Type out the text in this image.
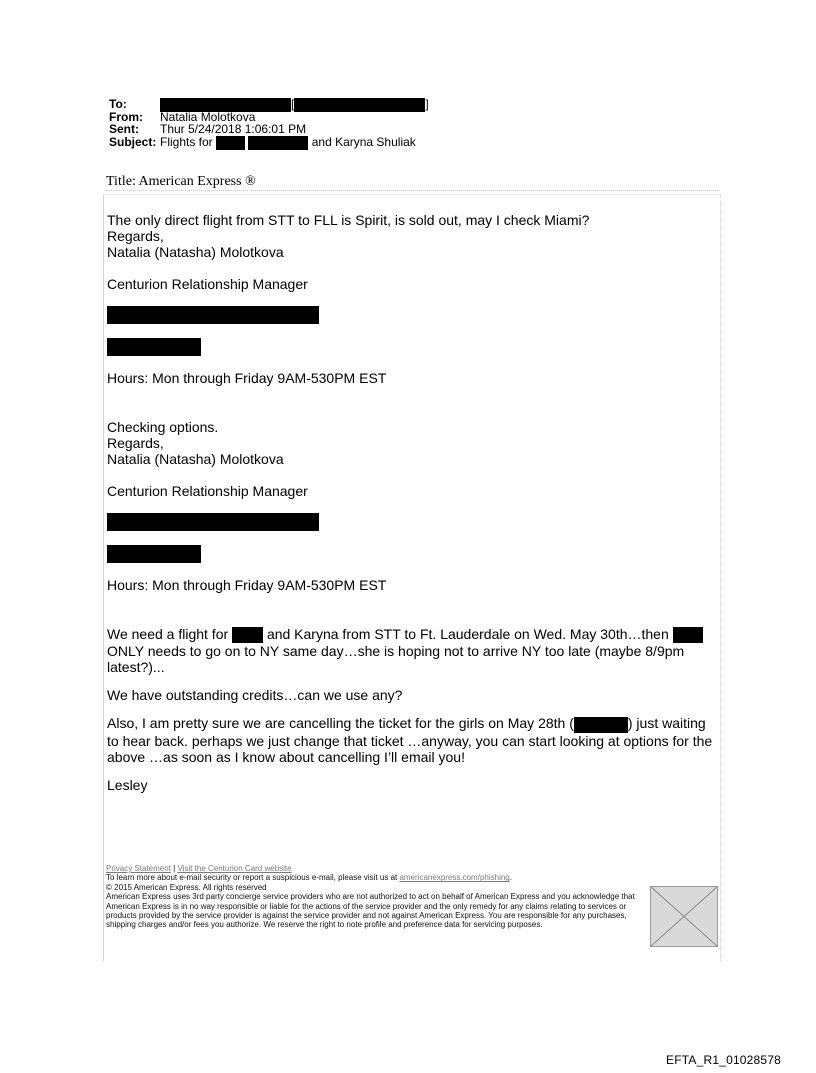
To:	[	]
From: Natalia Molotkova
Sent: Thur 5/24/2018 1:06:01 PM
Subject: Flights for	and Karyna Shuliak
Title: American Express ®

The only direct flight from STT to FLL is Spirit, is sold out, may I check Miami?

Regards,

Natalia (Natasha) Molotkova

Centurion Relationship Manager

Hours: Mon through Friday 9AM-530PM EST

Checking options.

Regards,

Natalia (Natasha) Molotkova

Centurion Relationship Manager

Hours: Mon through Friday 9AM-530PM EST

We need a flight for	and Karyna from STT to Ft. Lauderdale on Wed. May 30th…then  ONLY needs to go on to NY same day…she is hoping not to arrive NY too late (maybe 8/9pm latest?)...

We have outstanding credits…can we use any?

Also, I am pretty sure we are cancelling the ticket for the girls on May 28th (	) just waiting to hear back. perhaps we just change that ticket …anyway, you can start looking at options for the above …as soon as I know about cancelling I’ll email you!

Lesley

Privacy Statement | Visit the Centurion Card website
To learn more about e-mail security or report a suspicious e-mail, please visit us at americanexpress.com/phishing.
© 2015 American Express. All rights reserved
American Express uses 3rd party concierge service providers who are not authorized to act on behalf of American Express and you acknowledge that American Express is in no way responsible or liable for the actions of the service provider and the only remedy for any claims relating to services or products provided by the service provider is against the service provider and not against American Express. You are responsible for any purchases, shipping charges and/or fees you authorize. We reserve the right to note profile and preference data for servicing purposes.
EFTA_R1_01028578
